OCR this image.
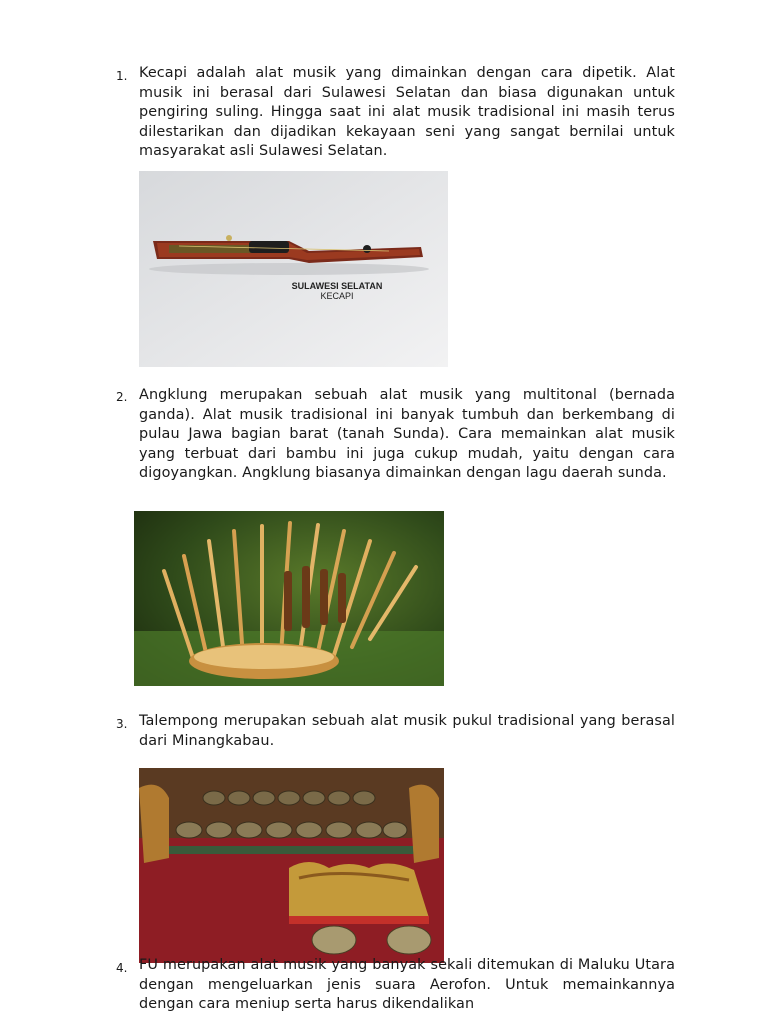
1. Kecapi adalah alat musik yang dimainkan dengan cara dipetik. Alat musik ini berasal dari Sulawesi Selatan dan biasa digunakan untuk pengiring suling. Hingga saat ini alat musik tradisional ini masih terus dilestarikan dan dijadikan kekayaan seni yang sangat bernilai untuk masyarakat asli Sulawesi Selatan.
SULAWESI SELATAN
KECAPI
2. Angklung merupakan sebuah alat musik yang multitonal (bernada ganda). Alat musik tradisional ini banyak tumbuh dan berkembang di pulau Jawa bagian barat (tanah Sunda). Cara memainkan alat musik yang terbuat dari bambu ini juga cukup mudah, yaitu dengan cara digoyangkan. Angklung biasanya dimainkan dengan lagu daerah sunda.
3. Talempong merupakan sebuah alat musik pukul tradisional yang berasal dari Minangkabau.
4. FU merupakan alat musik yang banyak sekali ditemukan di Maluku Utara dengan mengeluarkan jenis suara Aerofon. Untuk memainkannya dengan cara meniup serta harus dikendalikan
